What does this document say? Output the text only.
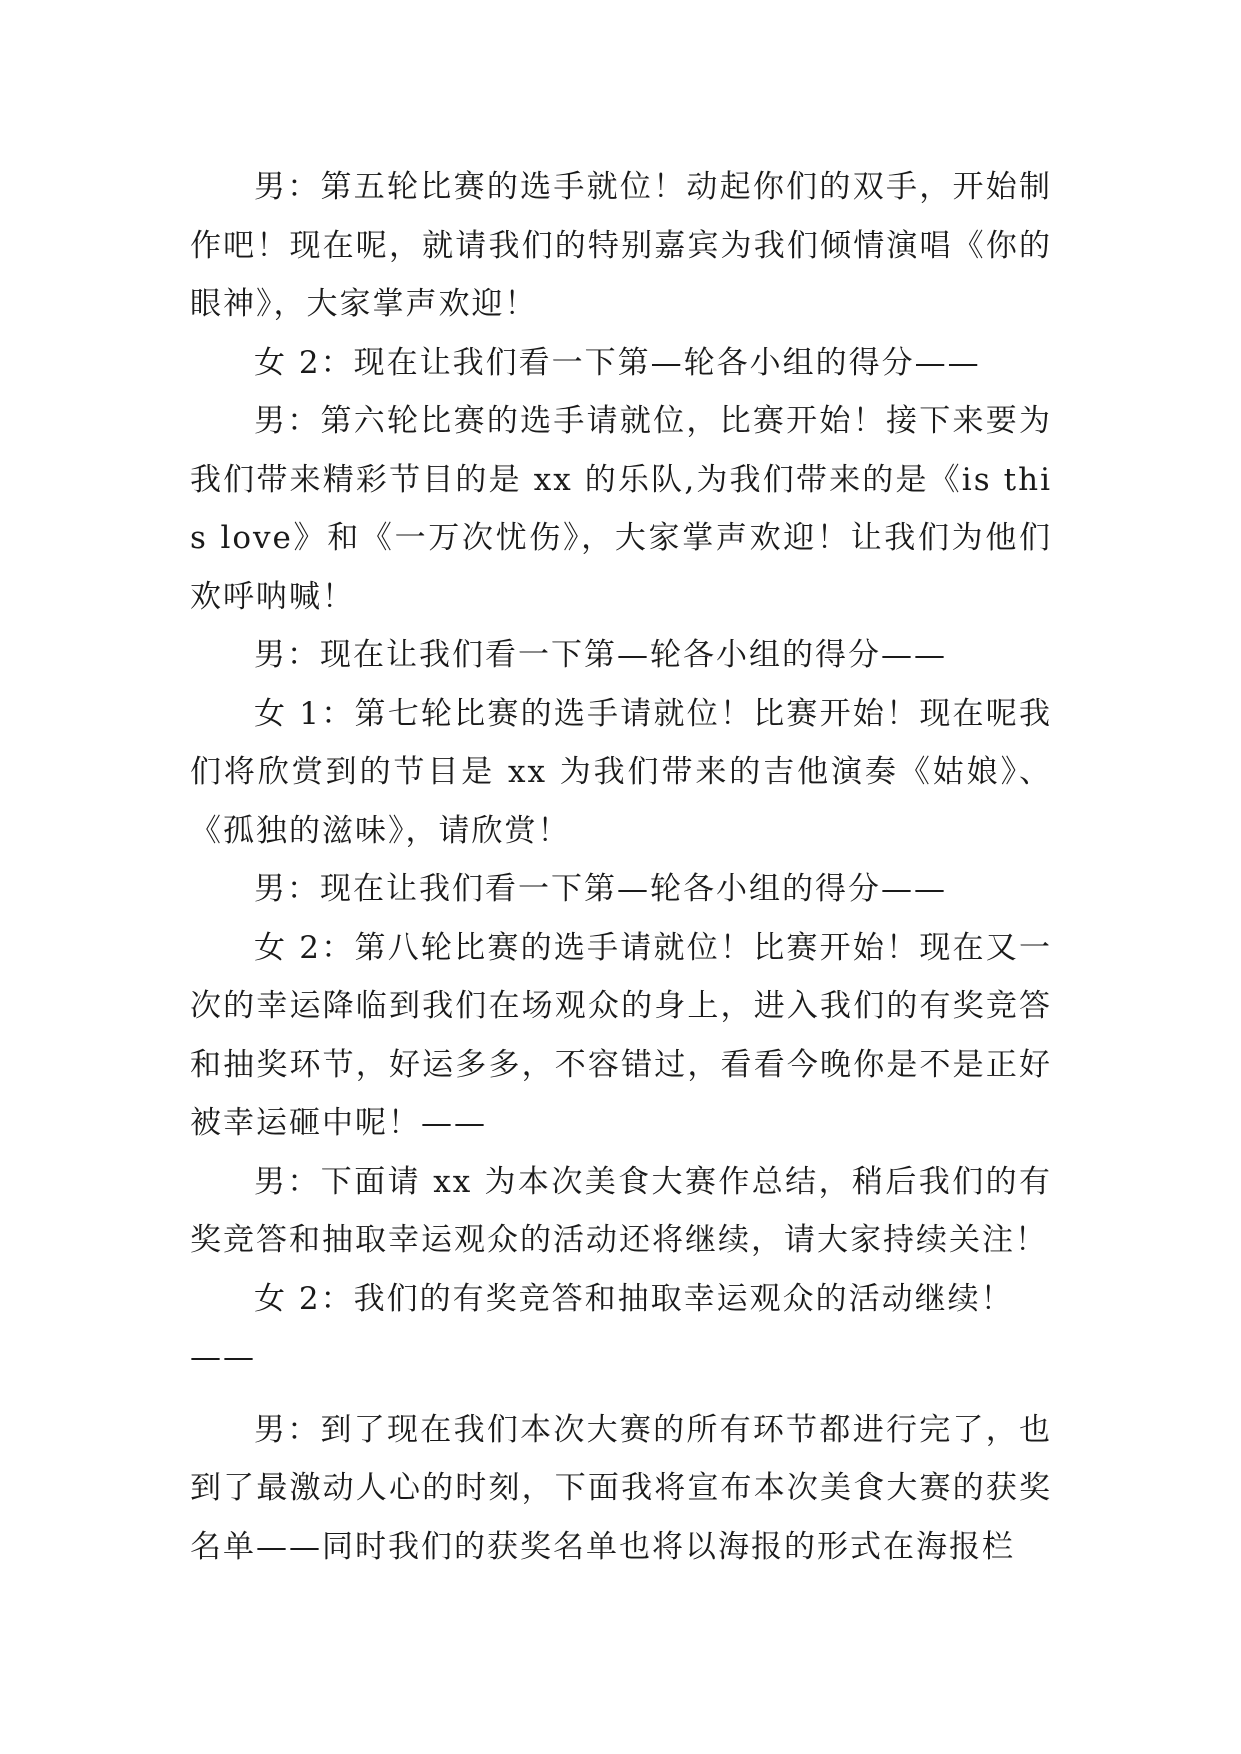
男：第五轮比赛的选手就位！动起你们的双手，开始制作吧！现在呢，就请我们的特别嘉宾为我们倾情演唱《你的眼神》，大家掌声欢迎！

女 2：现在让我们看一下第—轮各小组的得分——

男：第六轮比赛的选手请就位，比赛开始！接下来要为我们带来精彩节目的是 xx 的乐队,为我们带来的是《is this love》和《一万次忧伤》，大家掌声欢迎！让我们为他们欢呼呐喊！

男：现在让我们看一下第—轮各小组的得分——

女 1：第七轮比赛的选手请就位！比赛开始！现在呢我们将欣赏到的节目是 xx 为我们带来的吉他演奏《姑娘》、《孤独的滋味》，请欣赏！

男：现在让我们看一下第—轮各小组的得分——

女 2：第八轮比赛的选手请就位！比赛开始！现在又一次的幸运降临到我们在场观众的身上，进入我们的有奖竞答和抽奖环节，好运多多，不容错过，看看今晚你是不是正好被幸运砸中呢！——

男：下面请 xx 为本次美食大赛作总结，稍后我们的有奖竞答和抽取幸运观众的活动还将继续，请大家持续关注！

女 2：我们的有奖竞答和抽取幸运观众的活动继续！

——

男：到了现在我们本次大赛的所有环节都进行完了，也到了最激动人心的时刻，下面我将宣布本次美食大赛的获奖名单——同时我们的获奖名单也将以海报的形式在海报栏
